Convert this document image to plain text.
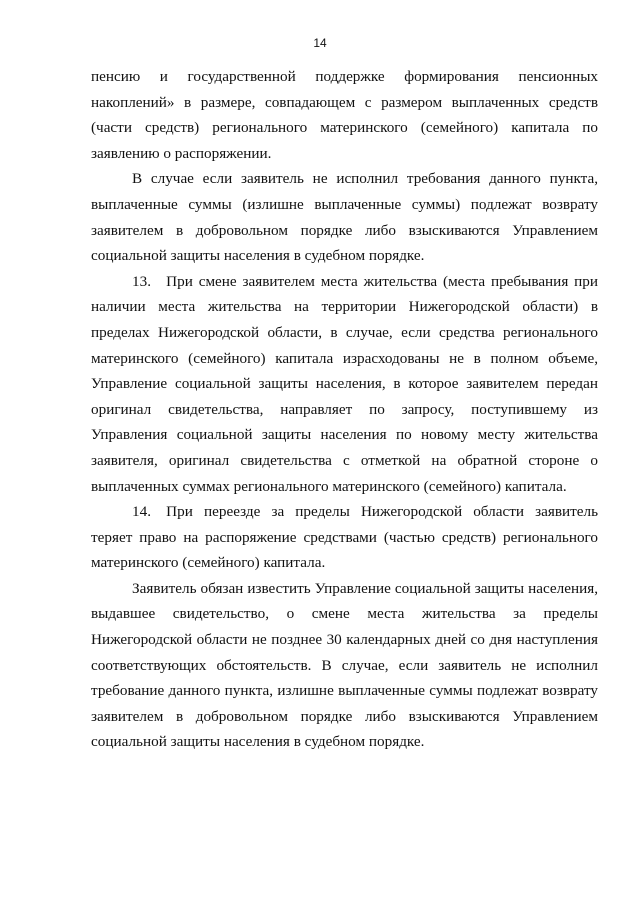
14

пенсию и государственной поддержке формирования пенсионных накоплений» в размере, совпадающем с размером выплаченных средств (части средств) регионального материнского (семейного) капитала по заявлению о распоряжении.

В случае если заявитель не исполнил требования данного пункта, выплаченные суммы (излишне выплаченные суммы) подлежат возврату заявителем в добровольном порядке либо взыскиваются Управлением социальной защиты населения в судебном порядке.

13. При смене заявителем места жительства (места пребывания при наличии места жительства на территории Нижегородской области) в пределах Нижегородской области, в случае, если средства регионального материнского (семейного) капитала израсходованы не в полном объеме, Управление социальной защиты населения, в которое заявителем передан оригинал свидетельства, направляет по запросу, поступившему из Управления социальной защиты населения по новому месту жительства заявителя, оригинал свидетельства с отметкой на обратной стороне о выплаченных суммах регионального материнского (семейного) капитала.

14. При переезде за пределы Нижегородской области заявитель теряет право на распоряжение средствами (частью средств) регионального материнского (семейного) капитала.

Заявитель обязан известить Управление социальной защиты населения, выдавшее свидетельство, о смене места жительства за пределы Нижегородской области не позднее 30 календарных дней со дня наступления соответствующих обстоятельств. В случае, если заявитель не исполнил требование данного пункта, излишне выплаченные суммы подлежат возврату заявителем в добровольном порядке либо взыскиваются Управлением социальной защиты населения в судебном порядке.
